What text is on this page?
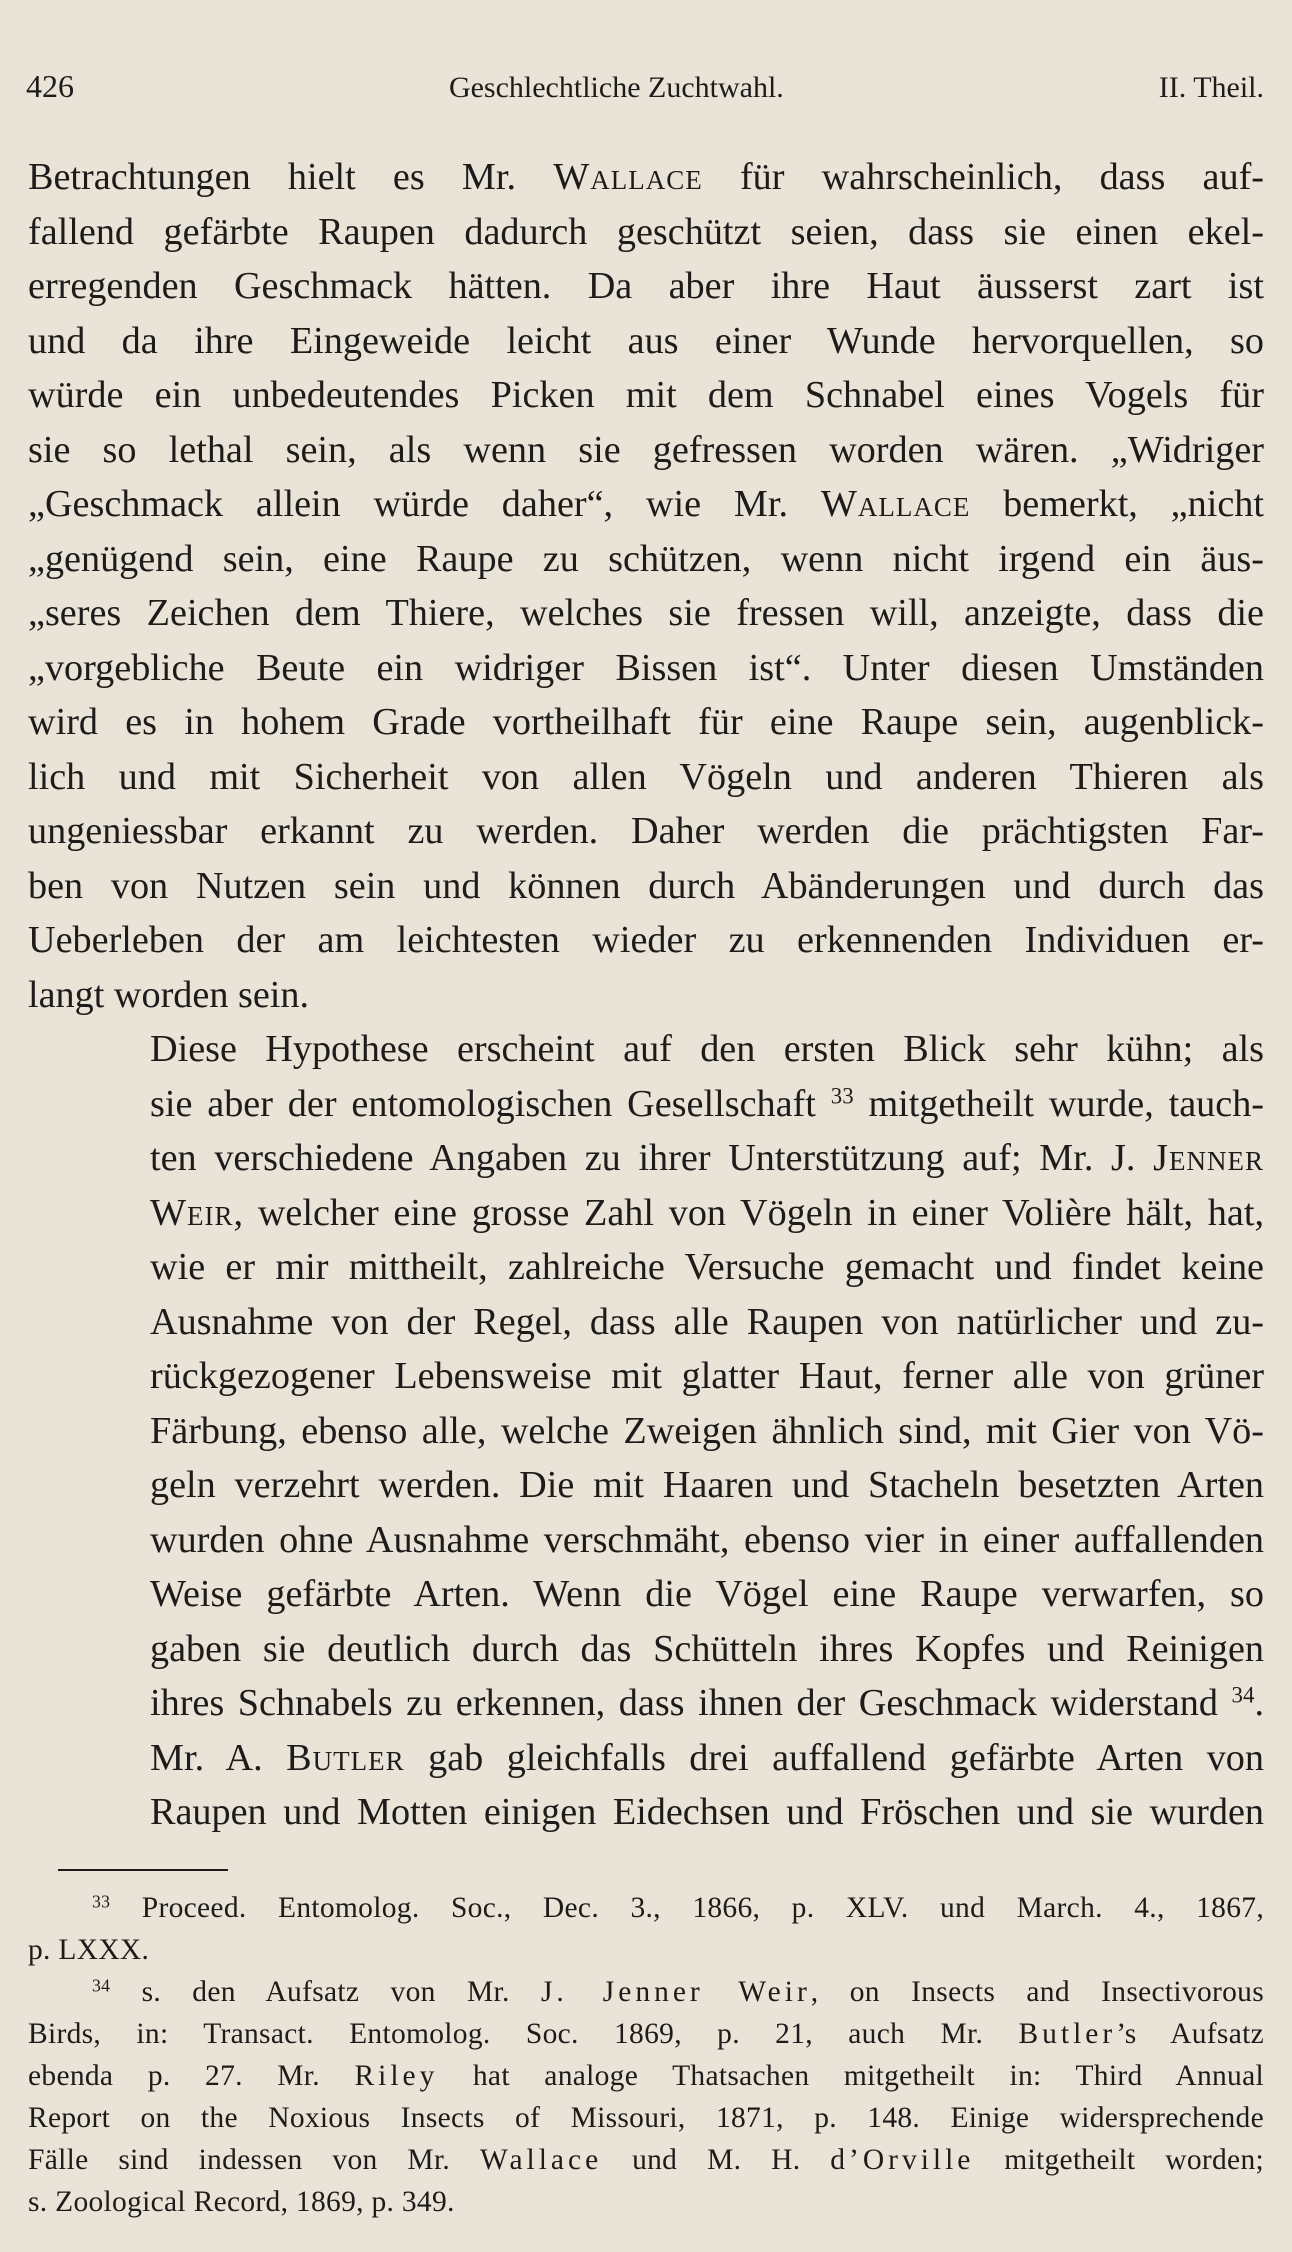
426	Geschlechtliche Zuchtwahl.	II. Theil.

Betrachtungen hielt es Mr. Wallace für wahrscheinlich, dass auf-
fallend gefärbte Raupen dadurch geschützt seien, dass sie einen ekel-
erregenden Geschmack hätten. Da aber ihre Haut äusserst zart ist
und da ihre Eingeweide leicht aus einer Wunde hervorquellen, so
würde ein unbedeutendes Picken mit dem Schnabel eines Vogels für
sie so lethal sein, als wenn sie gefressen worden wären. „Widriger
„Geschmack allein würde daher“, wie Mr. Wallace bemerkt, „nicht
„genügend sein, eine Raupe zu schützen, wenn nicht irgend ein äus-
„seres Zeichen dem Thiere, welches sie fressen will, anzeigte, dass die
„vorgebliche Beute ein widriger Bissen ist“. Unter diesen Umständen
wird es in hohem Grade vortheilhaft für eine Raupe sein, augenblick-
lich und mit Sicherheit von allen Vögeln und anderen Thieren als
ungeniessbar erkannt zu werden. Daher werden die prächtigsten Far-
ben von Nutzen sein und können durch Abänderungen und durch das
Ueberleben der am leichtesten wieder zu erkennenden Individuen er-
langt worden sein.

Diese Hypothese erscheint auf den ersten Blick sehr kühn; als
sie aber der entomologischen Gesellschaft $^{33}$ mitgetheilt wurde, tauch-
ten verschiedene Angaben zu ihrer Unterstützung auf; Mr. J. Jenner
Weir, welcher eine grosse Zahl von Vögeln in einer Volière hält, hat,
wie er mir mittheilt, zahlreiche Versuche gemacht und findet keine
Ausnahme von der Regel, dass alle Raupen von natürlicher und zu-
rückgezogener Lebensweise mit glatter Haut, ferner alle von grüner
Färbung, ebenso alle, welche Zweigen ähnlich sind, mit Gier von Vö-
geln verzehrt werden. Die mit Haaren und Stacheln besetzten Arten
wurden ohne Ausnahme verschmäht, ebenso vier in einer auffallenden
Weise gefärbte Arten. Wenn die Vögel eine Raupe verwarfen, so
gaben sie deutlich durch das Schütteln ihres Kopfes und Reinigen
ihres Schnabels zu erkennen, dass ihnen der Geschmack widerstand $^{34}$.
Mr. A. Butler gab gleichfalls drei auffallend gefärbte Arten von
Raupen und Motten einigen Eidechsen und Fröschen und sie wurden

$^{33}$ Proceed. Entomolog. Soc., Dec. 3., 1866, p. XLV. und March. 4., 1867,
p. LXXX.
$^{34}$ s. den Aufsatz von Mr. J. Jenner Weir, on Insects and Insectivorous
Birds, in: Transact. Entomolog. Soc. 1869, p. 21, auch Mr. Butler’s Aufsatz
ebenda p. 27. Mr. Riley hat analoge Thatsachen mitgetheilt in: Third Annual
Report on the Noxious Insects of Missouri, 1871, p. 148. Einige widersprechende
Fälle sind indessen von Mr. Wallace und M. H. d’Orville mitgetheilt worden;
s. Zoological Record, 1869, p. 349.
